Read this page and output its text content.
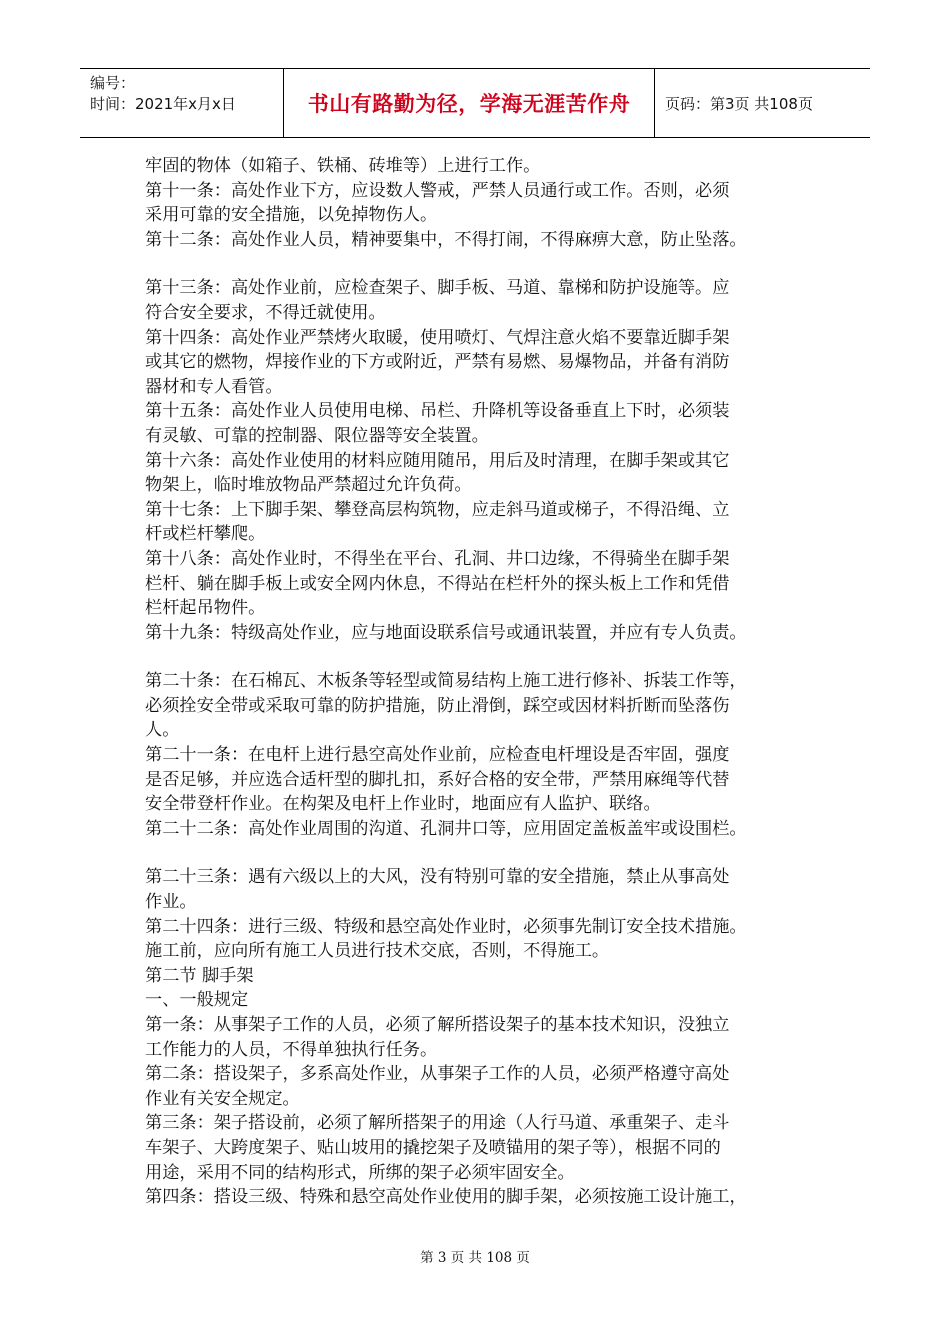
编号：
时间：2021年x月x日	书山有路勤为径，学海无涯苦作舟	页码：第3页 共108页
牢固的物体（如箱子、铁桶、砖堆等）上进行工作。
第十一条：高处作业下方，应设数人警戒，严禁人员通行或工作。否则，必须
采用可靠的安全措施，以免掉物伤人。
第十二条：高处作业人员，精神要集中，不得打闹，不得麻痹大意，防止坠落。
第十三条：高处作业前，应检查架子、脚手板、马道、靠梯和防护设施等。应
符合安全要求，不得迁就使用。
第十四条：高处作业严禁烤火取暖，使用喷灯、气焊注意火焰不要靠近脚手架
或其它的燃物，焊接作业的下方或附近，严禁有易燃、易爆物品，并备有消防
器材和专人看管。
第十五条：高处作业人员使用电梯、吊栏、升降机等设备垂直上下时，必须装
有灵敏、可靠的控制器、限位器等安全装置。
第十六条：高处作业使用的材料应随用随吊，用后及时清理，在脚手架或其它
物架上，临时堆放物品严禁超过允许负荷。
第十七条：上下脚手架、攀登高层构筑物，应走斜马道或梯子，不得沿绳、立
杆或栏杆攀爬。
第十八条：高处作业时，不得坐在平台、孔洞、井口边缘，不得骑坐在脚手架
栏杆、躺在脚手板上或安全网内休息，不得站在栏杆外的探头板上工作和凭借
栏杆起吊物件。
第十九条：特级高处作业，应与地面设联系信号或通讯装置，并应有专人负责。
第二十条：在石棉瓦、木板条等轻型或简易结构上施工进行修补、拆装工作等，
必须拴安全带或采取可靠的防护措施，防止滑倒，踩空或因材料折断而坠落伤
人。
第二十一条：在电杆上进行悬空高处作业前，应检查电杆埋设是否牢固，强度
是否足够，并应选合适杆型的脚扎扣，系好合格的安全带，严禁用麻绳等代替
安全带登杆作业。在构架及电杆上作业时，地面应有人监护、联络。
第二十二条：高处作业周围的沟道、孔洞井口等，应用固定盖板盖牢或设围栏。
第二十三条：遇有六级以上的大风，没有特别可靠的安全措施，禁止从事高处
作业。
第二十四条：进行三级、特级和悬空高处作业时，必须事先制订安全技术措施。
施工前，应向所有施工人员进行技术交底，否则，不得施工。
第二节 脚手架
一、一般规定
第一条：从事架子工作的人员，必须了解所搭设架子的基本技术知识，没独立
工作能力的人员，不得单独执行任务。
第二条：搭设架子，多系高处作业，从事架子工作的人员，必须严格遵守高处
作业有关安全规定。
第三条：架子搭设前，必须了解所搭架子的用途（人行马道、承重架子、走斗
车架子、大跨度架子、贴山坡用的撬挖架子及喷锚用的架子等），根据不同的
用途，采用不同的结构形式，所绑的架子必须牢固安全。
第四条：搭设三级、特殊和悬空高处作业使用的脚手架，必须按施工设计施工，
第 3 页 共 108 页
